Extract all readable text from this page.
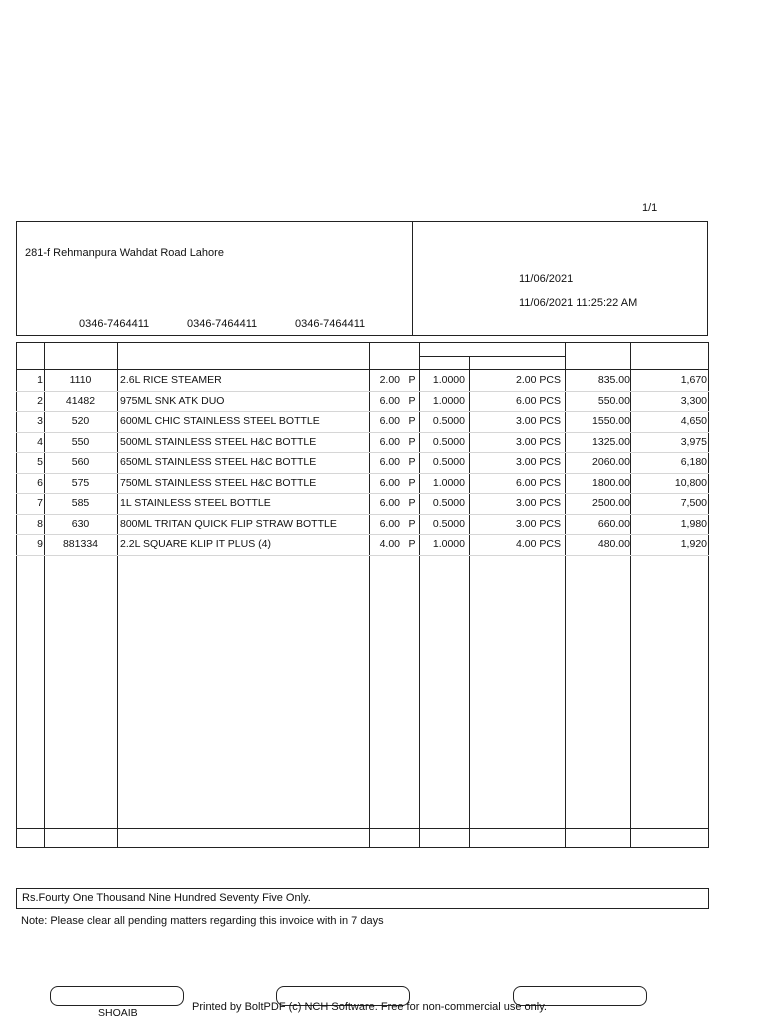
1/1
281-f Rehmanpura Wahdat Road Lahore
0346-7464411	0346-7464411	0346-7464411
11/06/2021
11/06/2021 11:25:22 AM
1	1110	2.6L RICE STEAMER	2.00 P	1.0000	2.00 PCS	835.00	1,670
2	41482	975ML SNK ATK DUO	6.00 P	1.0000	6.00 PCS	550.00	3,300
3	520	600ML CHIC STAINLESS STEEL BOTTLE	6.00 P	0.5000	3.00 PCS	1550.00	4,650
4	550	500ML STAINLESS STEEL H&C BOTTLE	6.00 P	0.5000	3.00 PCS	1325.00	3,975
5	560	650ML STAINLESS STEEL H&C BOTTLE	6.00 P	0.5000	3.00 PCS	2060.00	6,180
6	575	750ML STAINLESS STEEL H&C BOTTLE	6.00 P	1.0000	6.00 PCS	1800.00	10,800
7	585	1L STAINLESS STEEL BOTTLE	6.00 P	0.5000	3.00 PCS	2500.00	7,500
8	630	800ML TRITAN QUICK FLIP STRAW BOTTLE	6.00 P	0.5000	3.00 PCS	660.00	1,980
9	881334	2.2L SQUARE KLIP IT PLUS (4)	4.00 P	1.0000	4.00 PCS	480.00	1,920
Rs.Fourty One Thousand Nine Hundred Seventy Five Only.
Note: Please clear all pending matters regarding this invoice with in 7 days
Printed by BoltPDF (c) NCH Software. Free for non-commercial use only.
SHOAIB
